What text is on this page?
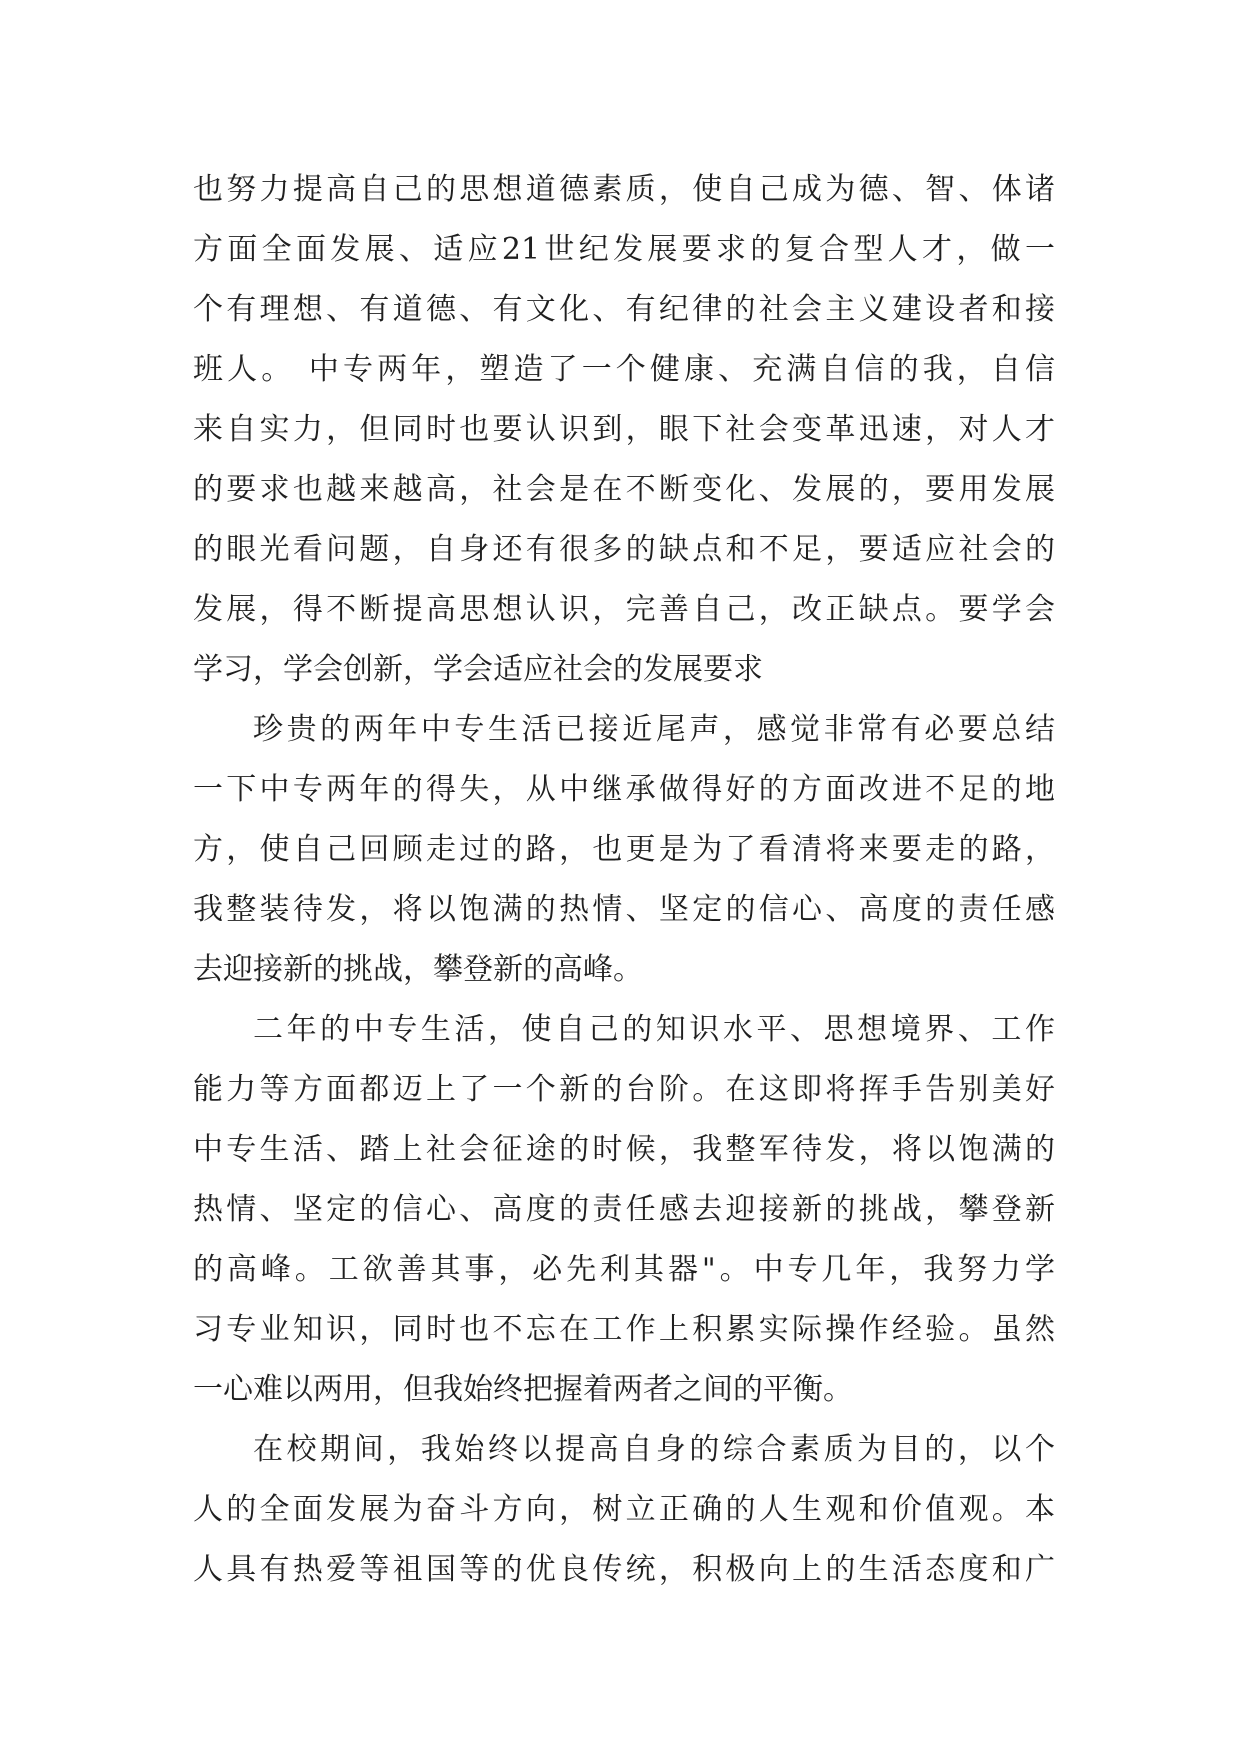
也努力提高自己的思想道德素质，使自己成为德、智、体诸
方面全面发展、适应21世纪发展要求的复合型人才，做一
个有理想、有道德、有文化、有纪律的社会主义建设者和接
班人。 中专两年，塑造了一个健康、充满自信的我，自信
来自实力，但同时也要认识到，眼下社会变革迅速，对人才
的要求也越来越高，社会是在不断变化、发展的，要用发展
的眼光看问题，自身还有很多的缺点和不足，要适应社会的
发展，得不断提高思想认识，完善自己，改正缺点。要学会
学习，学会创新，学会适应社会的发展要求
珍贵的两年中专生活已接近尾声，感觉非常有必要总结
一下中专两年的得失，从中继承做得好的方面改进不足的地
方，使自己回顾走过的路，也更是为了看清将来要走的路，
我整装待发，将以饱满的热情、坚定的信心、高度的责任感
去迎接新的挑战，攀登新的高峰。
二年的中专生活，使自己的知识水平、思想境界、工作
能力等方面都迈上了一个新的台阶。在这即将挥手告别美好
中专生活、踏上社会征途的时候，我整军待发，将以饱满的
热情、坚定的信心、高度的责任感去迎接新的挑战，攀登新
的高峰。工欲善其事，必先利其器"。中专几年，我努力学
习专业知识，同时也不忘在工作上积累实际操作经验。虽然
一心难以两用，但我始终把握着两者之间的平衡。
在校期间，我始终以提高自身的综合素质为目的，以个
人的全面发展为奋斗方向，树立正确的人生观和价值观。本
人具有热爱等祖国等的优良传统，积极向上的生活态度和广
